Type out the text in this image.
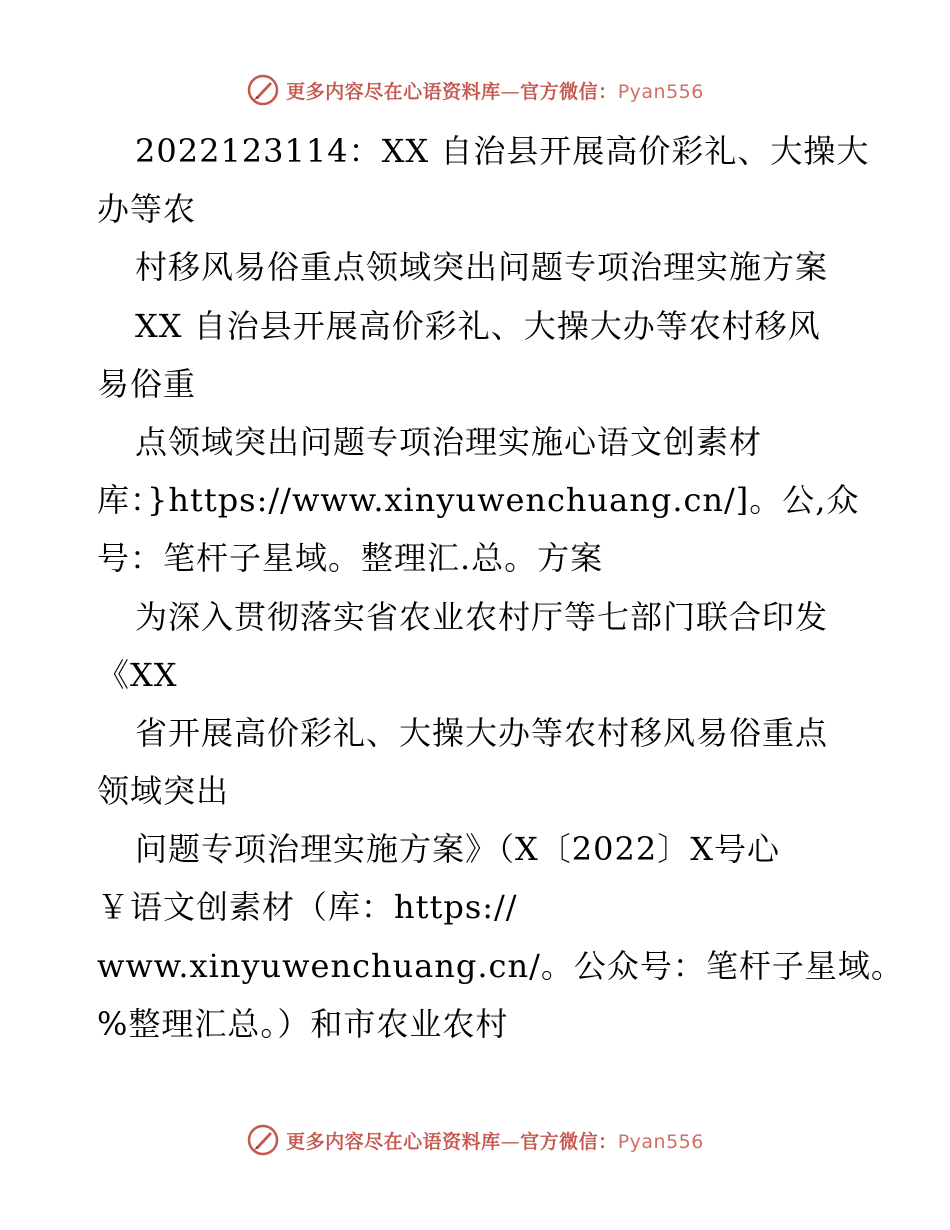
更多内容尽在心语资料库—官方微信：Pyan556
2022123114：XX 自治县开展高价彩礼、大操大
办等农
村移风易俗重点领域突出问题专项治理实施方案
XX 自治县开展高价彩礼、大操大办等农村移风
易俗重
点领域突出问题专项治理实施心语文创素材
库：}https://www.xinyuwenchuang.cn/]。公,众
号：笔杆子星域。整理汇.总。方案
为深入贯彻落实省农业农村厅等七部门联合印发
《XX
省开展高价彩礼、大操大办等农村移风易俗重点
领域突出
问题专项治理实施方案》（X〔2022〕X号心
￥语文创素材（库：https://
www.xinyuwenchuang.cn/。公众号：笔杆子星域。
%整理汇总。）和市农业农村
更多内容尽在心语资料库—官方微信：Pyan556
